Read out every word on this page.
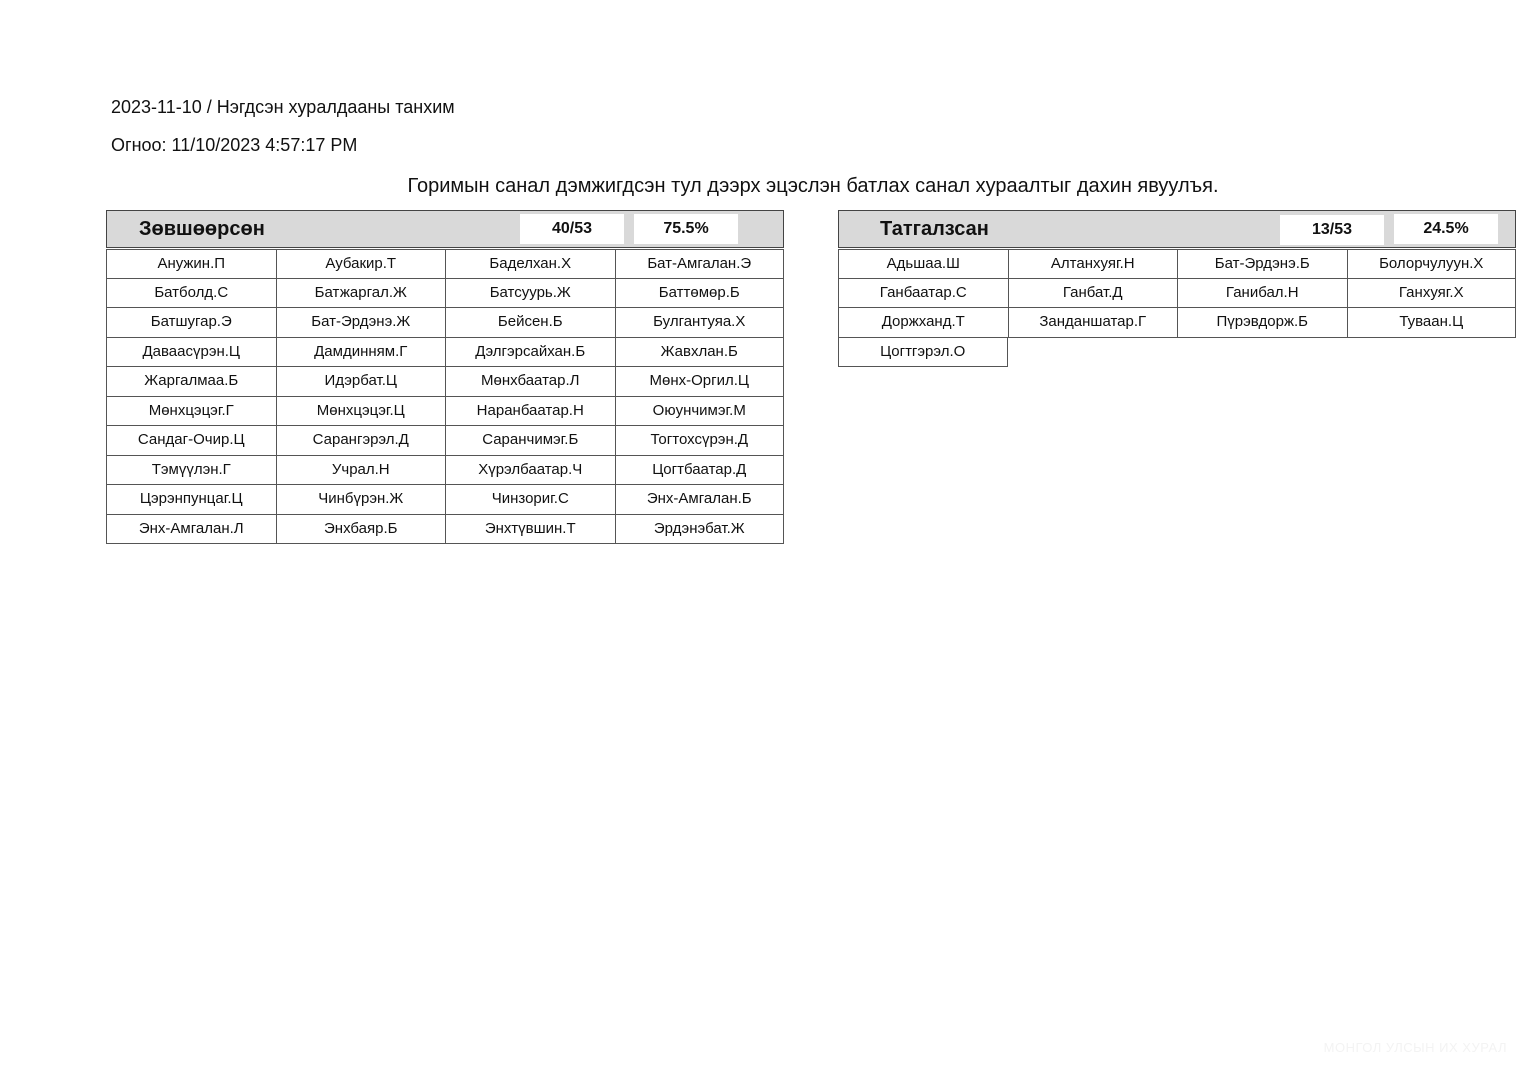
2023-11-10 / Нэгдсэн хуралдааны танхим
Огноо: 11/10/2023 4:57:17 PM
Горимын санал дэмжигдсэн тул дээрх эцэслэн батлах санал хураалтыг дахин явуулъя.
Зөвшөөрсөн	40/53	75.5%
Анужин.П	Аубакир.Т	Баделхан.Х	Бат-Амгалан.Э
Батболд.С	Батжаргал.Ж	Батсуурь.Ж	Баттөмөр.Б
Батшугар.Э	Бат-Эрдэнэ.Ж	Бейсен.Б	Булгантуяа.Х
Даваасүрэн.Ц	Дамдинням.Г	Дэлгэрсайхан.Б	Жавхлан.Б
Жаргалмаа.Б	Идэрбат.Ц	Мөнхбаатар.Л	Мөнх-Оргил.Ц
Мөнхцэцэг.Г	Мөнхцэцэг.Ц	Наранбаатар.Н	Оюунчимэг.М
Сандаг-Очир.Ц	Сарангэрэл.Д	Саранчимэг.Б	Тогтохсүрэн.Д
Тэмүүлэн.Г	Учрал.Н	Хүрэлбаатар.Ч	Цогтбаатар.Д
Цэрэнпунцаг.Ц	Чинбүрэн.Ж	Чинзориг.С	Энх-Амгалан.Б
Энх-Амгалан.Л	Энхбаяр.Б	Энхтүвшин.Т	Эрдэнэбат.Ж
Татгалзсан	13/53	24.5%
Адьшаа.Ш	Алтанхуяг.Н	Бат-Эрдэнэ.Б	Болорчулуун.Х
Ганбаатар.С	Ганбат.Д	Ганибал.Н	Ганхуяг.Х
Доржханд.Т	Занданшатар.Г	Пүрэвдорж.Б	Туваан.Ц
Цогтгэрэл.О
МОНГОЛ УЛСЫН ИХ ХУРАЛ
